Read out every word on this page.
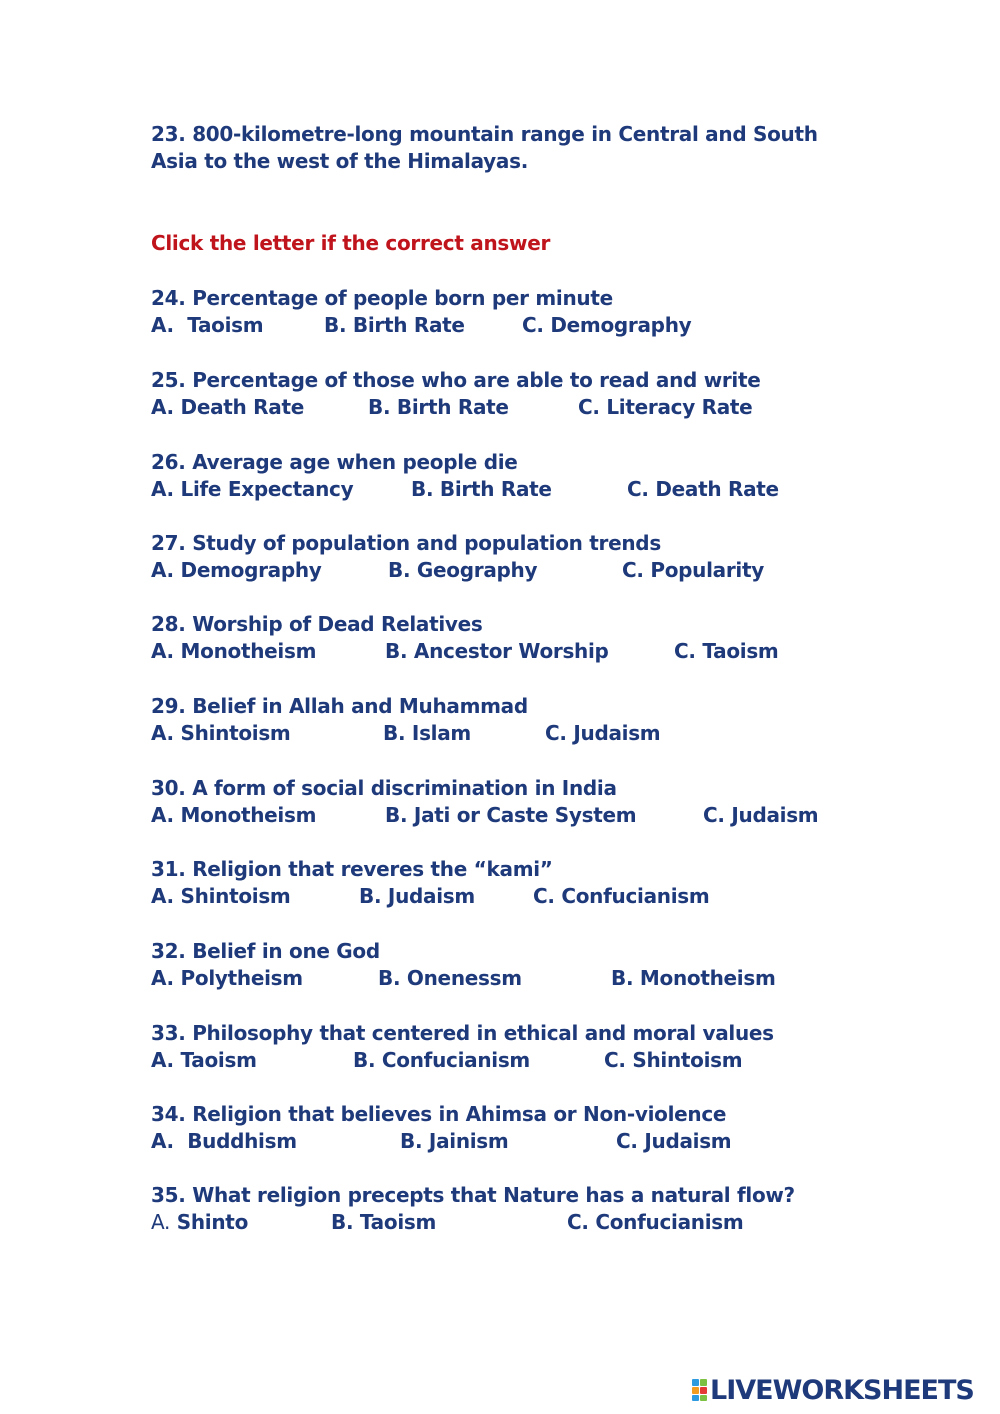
23. 800-kilometre-long mountain range in Central and South
Asia to the west of the Himalayas.
Click the letter if the correct answer
24. Percentage of people born per minute
A. Taoism	B. Birth Rate	C. Demography
25. Percentage of those who are able to read and write
A. Death Rate	B. Birth Rate	C. Literacy Rate
26. Average age when people die
A. Life Expectancy	B. Birth Rate	C. Death Rate
27. Study of population and population trends
A. Demography	B. Geography	C. Popularity
28. Worship of Dead Relatives
A. Monotheism	B. Ancestor Worship	C. Taoism
29. Belief in Allah and Muhammad
A. Shintoism	B. Islam	C. Judaism
30. A form of social discrimination in India
A. Monotheism	B. Jati or Caste System	C. Judaism
31. Religion that reveres the “kami”
A. Shintoism	B. Judaism	C. Confucianism
32. Belief in one God
A. Polytheism	B. Onenessm	B. Monotheism
33. Philosophy that centered in ethical and moral values
A. Taoism	B. Confucianism	C. Shintoism
34. Religion that believes in Ahimsa or Non-violence
A. Buddhism	B. Jainism	C. Judaism
35. What religion precepts that Nature has a natural flow?
A. Shinto	B. Taoism	C. Confucianism
LIVEWORKSHEETS
